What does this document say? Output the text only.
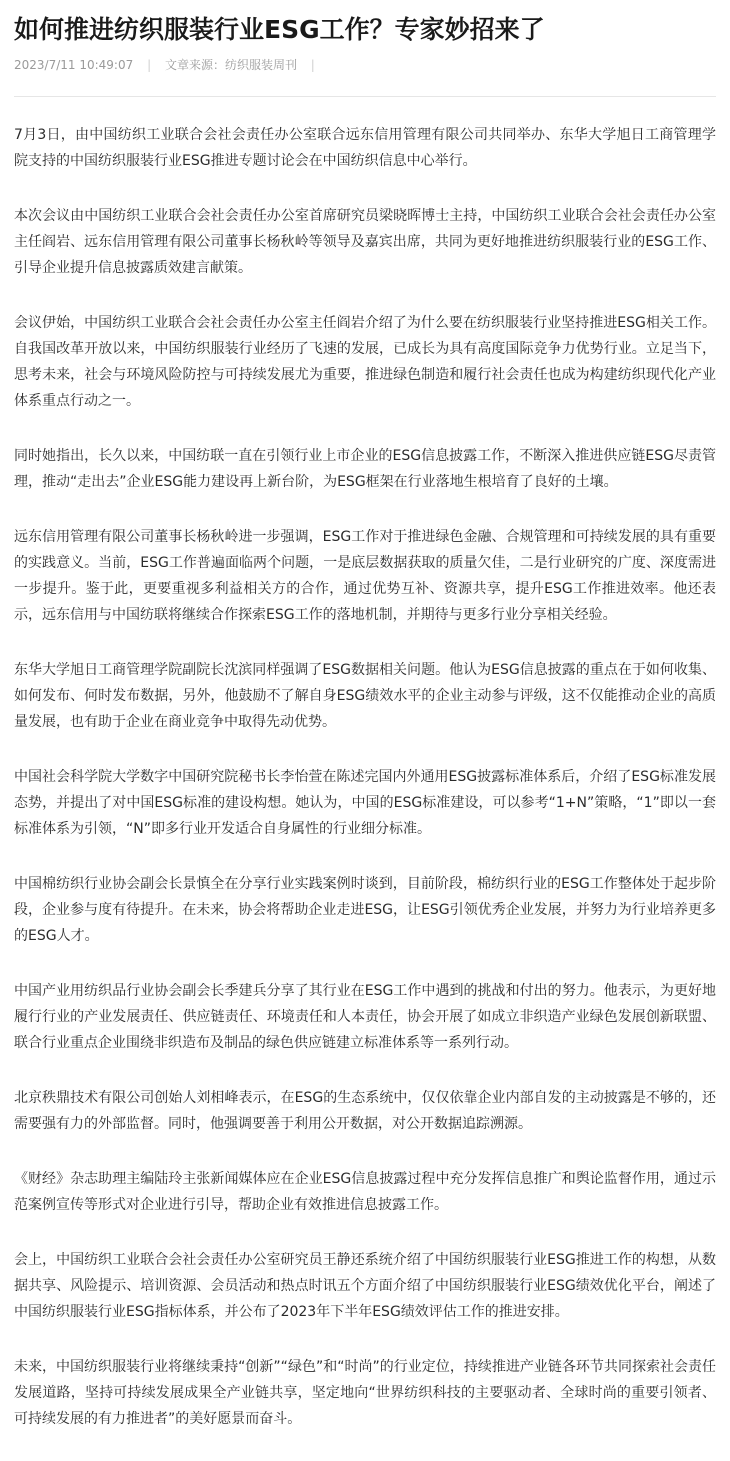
如何推进纺织服装行业ESG工作？专家妙招来了
2023/7/11 10:49:07 | 文章来源：纺织服装周刊 |

7月3日，由中国纺织工业联合会社会责任办公室联合远东信用管理有限公司共同举办、东华大学旭日工商管理学院支持的中国纺织服装行业ESG推进专题讨论会在中国纺织信息中心举行。

本次会议由中国纺织工业联合会社会责任办公室首席研究员梁晓晖博士主持，中国纺织工业联合会社会责任办公室主任阎岩、远东信用管理有限公司董事长杨秋岭等领导及嘉宾出席，共同为更好地推进纺织服装行业的ESG工作、引导企业提升信息披露质效建言献策。

会议伊始，中国纺织工业联合会社会责任办公室主任阎岩介绍了为什么要在纺织服装行业坚持推进ESG相关工作。自我国改革开放以来，中国纺织服装行业经历了飞速的发展，已成长为具有高度国际竞争力优势行业。立足当下，思考未来，社会与环境风险防控与可持续发展尤为重要，推进绿色制造和履行社会责任也成为构建纺织现代化产业体系重点行动之一。

同时她指出，长久以来，中国纺联一直在引领行业上市企业的ESG信息披露工作，不断深入推进供应链ESG尽责管理，推动“走出去”企业ESG能力建设再上新台阶，为ESG框架在行业落地生根培育了良好的土壤。

远东信用管理有限公司董事长杨秋岭进一步强调，ESG工作对于推进绿色金融、合规管理和可持续发展的具有重要的实践意义。当前，ESG工作普遍面临两个问题，一是底层数据获取的质量欠佳，二是行业研究的广度、深度需进一步提升。鉴于此，更要重视多利益相关方的合作，通过优势互补、资源共享，提升ESG工作推进效率。他还表示，远东信用与中国纺联将继续合作探索ESG工作的落地机制，并期待与更多行业分享相关经验。

东华大学旭日工商管理学院副院长沈滨同样强调了ESG数据相关问题。他认为ESG信息披露的重点在于如何收集、如何发布、何时发布数据，另外，他鼓励不了解自身ESG绩效水平的企业主动参与评级，这不仅能推动企业的高质量发展，也有助于企业在商业竞争中取得先动优势。

中国社会科学院大学数字中国研究院秘书长李怡萱在陈述完国内外通用ESG披露标准体系后，介绍了ESG标准发展态势，并提出了对中国ESG标准的建设构想。她认为，中国的ESG标准建设，可以参考“1+N”策略，“1”即以一套标准体系为引领，“N”即多行业开发适合自身属性的行业细分标准。

中国棉纺织行业协会副会长景慎全在分享行业实践案例时谈到，目前阶段，棉纺织行业的ESG工作整体处于起步阶段，企业参与度有待提升。在未来，协会将帮助企业走进ESG，让ESG引领优秀企业发展，并努力为行业培养更多的ESG人才。

中国产业用纺织品行业协会副会长季建兵分享了其行业在ESG工作中遇到的挑战和付出的努力。他表示，为更好地履行行业的产业发展责任、供应链责任、环境责任和人本责任，协会开展了如成立非织造产业绿色发展创新联盟、联合行业重点企业围绕非织造布及制品的绿色供应链建立标准体系等一系列行动。

北京秩鼎技术有限公司创始人刘相峰表示，在ESG的生态系统中，仅仅依靠企业内部自发的主动披露是不够的，还需要强有力的外部监督。同时，他强调要善于利用公开数据，对公开数据追踪溯源。

《财经》杂志助理主编陆玲主张新闻媒体应在企业ESG信息披露过程中充分发挥信息推广和舆论监督作用，通过示范案例宣传等形式对企业进行引导，帮助企业有效推进信息披露工作。

会上，中国纺织工业联合会社会责任办公室研究员王静还系统介绍了中国纺织服装行业ESG推进工作的构想，从数据共享、风险提示、培训资源、会员活动和热点时讯五个方面介绍了中国纺织服装行业ESG绩效优化平台，阐述了中国纺织服装行业ESG指标体系，并公布了2023年下半年ESG绩效评估工作的推进安排。

未来，中国纺织服装行业将继续秉持“创新”“绿色”和“时尚”的行业定位，持续推进产业链各环节共同探索社会责任发展道路，坚持可持续发展成果全产业链共享，坚定地向“世界纺织科技的主要驱动者、全球时尚的重要引领者、可持续发展的有力推进者”的美好愿景而奋斗。
